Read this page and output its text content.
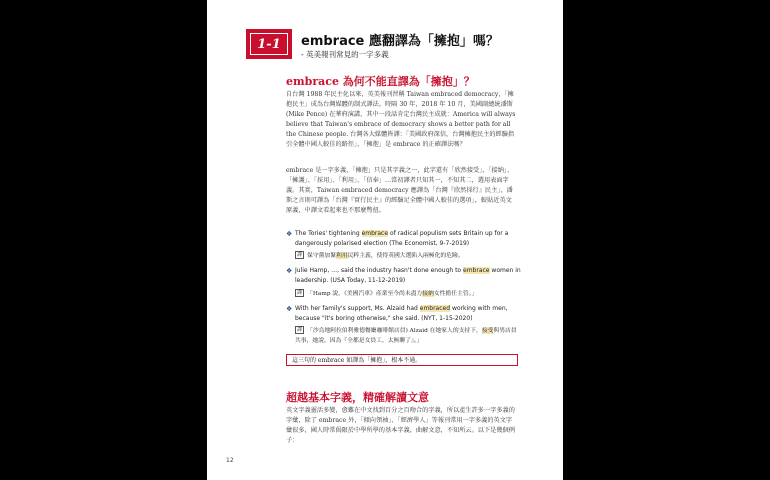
1-1	embrace 應翻譯為「擁抱」嗎？
- 英美報刊常見的一字多義
embrace 為何不能直譯為「擁抱」？

自台灣 1988 年民主化以來，英美報刊習稱 Taiwan embraced democracy，「擁抱民主」成為台灣媒體的制式譯法。時隔 30 年，2018 年 10 月，美國副總統潘斯 (Mike Pence) 在華府演講，其中一段話肯定台灣民主成就：America will always believe that Taiwan's embrace of democracy shows a better path for all the Chinese people. 台灣各大媒體皆譯：「美國政府深信，台灣擁抱民主的經驗指引全體中國人較佳的路徑」，「擁抱」是 embrace 的正確譯法嗎？

embrace 是一字多義，「擁抱」只是其字義之一，此字還有「欣然接受」、「接納」、「擁護」、「採用」、「利用」、「信奉」…當初譯者只知其一，不知其二，選用表面字義。其實，Taiwan embraced democracy 應譯為「台灣『欣然採行』民主」，潘斯之言則可譯為「台灣『實行民主』的經驗足全體中國人較佳的選項」，較貼近英文原義，中譯文看起來也不那麼彆扭。

❖ The Tories' tightening embrace of radical populism sets Britain up for a dangerously polarised election (The Economist, 9-7-2019)
譯 保守黨加緊利用民粹主義，使得英國大選陷入兩極化的危險。
❖ Julie Hamp, …, said the industry hasn't done enough to embrace women in leadership. (USA Today, 11-12-2019)
譯 「Hamp 說，《美國汽車》產業至今尚未盡力接納女性擔任主管。」
❖ With her family's support, Ms. Alzaid had embraced working with men, because "it's boring otherwise," she said. (NYT, 1-15-2020)
譯 「沙烏地阿拉伯利雅德餐廳咖啡館店員) Alzaid 在她家人的支持下，接受與男店員共事，她說，因為『全都是女員工，太無聊了』。」
這三句的 embrace 如譯為「擁抱」，根本不通。
超越基本字義，精確解讀文意

英文字義靈活多變，愈難在中文找到百分之百吻合的字義，所以產生許多一字多義的字彙，除了 embrace 外，「傾向領袖」、「經濟學人」等報刊常用一字多義的英文字彙很多，國人時常侷限於中學所學的基本字義，曲解文意，不知所云。以下是幾個例子：

12
